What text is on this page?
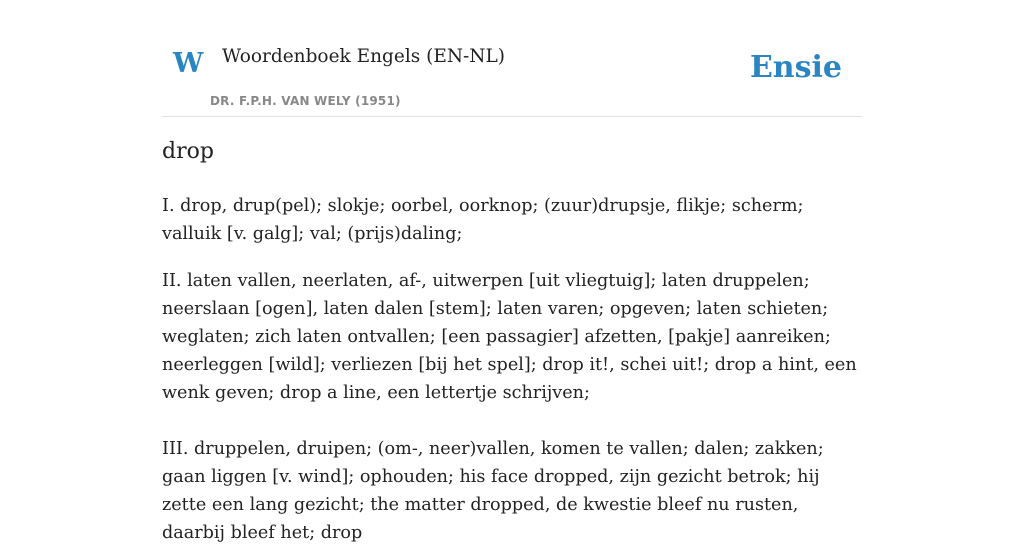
W Woordenboek Engels (EN-NL)
DR. F.P.H. VAN WELY (1951)
Ensie
drop

I. drop, drup(pel); slokje; oorbel, oorknop; (zuur)drupsje, flikje; scherm; valluik [v. galg]; val; (prijs)daling;

II. laten vallen, neerlaten, af-, uitwerpen [uit vliegtuig]; laten druppelen; neerslaan [ogen], laten dalen [stem]; laten varen; opgeven; laten schieten; weglaten; zich laten ontvallen; [een passagier] afzetten, [pakje] aanreiken; neerleggen [wild]; verliezen [bij het spel]; drop it!, schei uit!; drop a hint, een wenk geven; drop a line, een lettertje schrijven;

III. druppelen, druipen; (om-, neer)vallen, komen te vallen; dalen; zakken; gaan liggen [v. wind]; ophouden; his face dropped, zijn gezicht betrok; hij zette een lang gezicht; the matter dropped, de kwestie bleef nu rusten, daarbij bleef het; drop
